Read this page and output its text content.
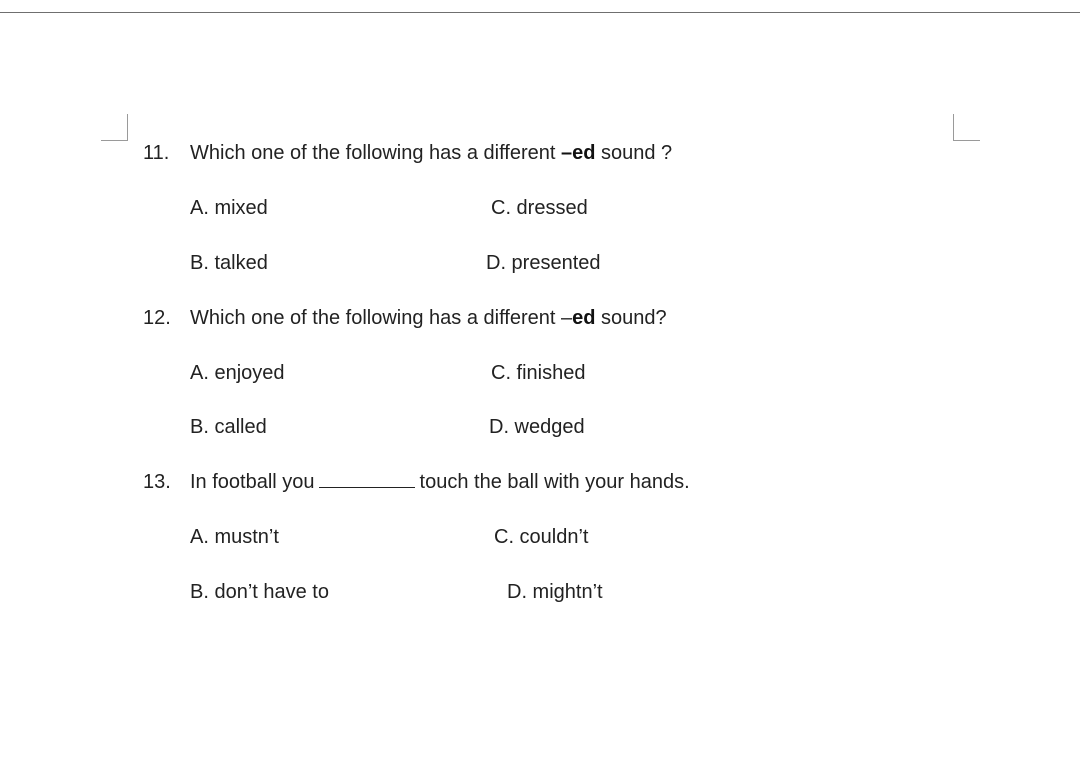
11. Which one of the following has a different –ed sound ?
A. mixed	C. dressed
B. talked	D. presented
12. Which one of the following has a different –ed sound?
A. enjoyed	C. finished
B. called	D. wedged
13. In football you	touch the ball with your hands.
A. mustn’t	C. couldn’t
B. don’t have to	D. mightn’t
